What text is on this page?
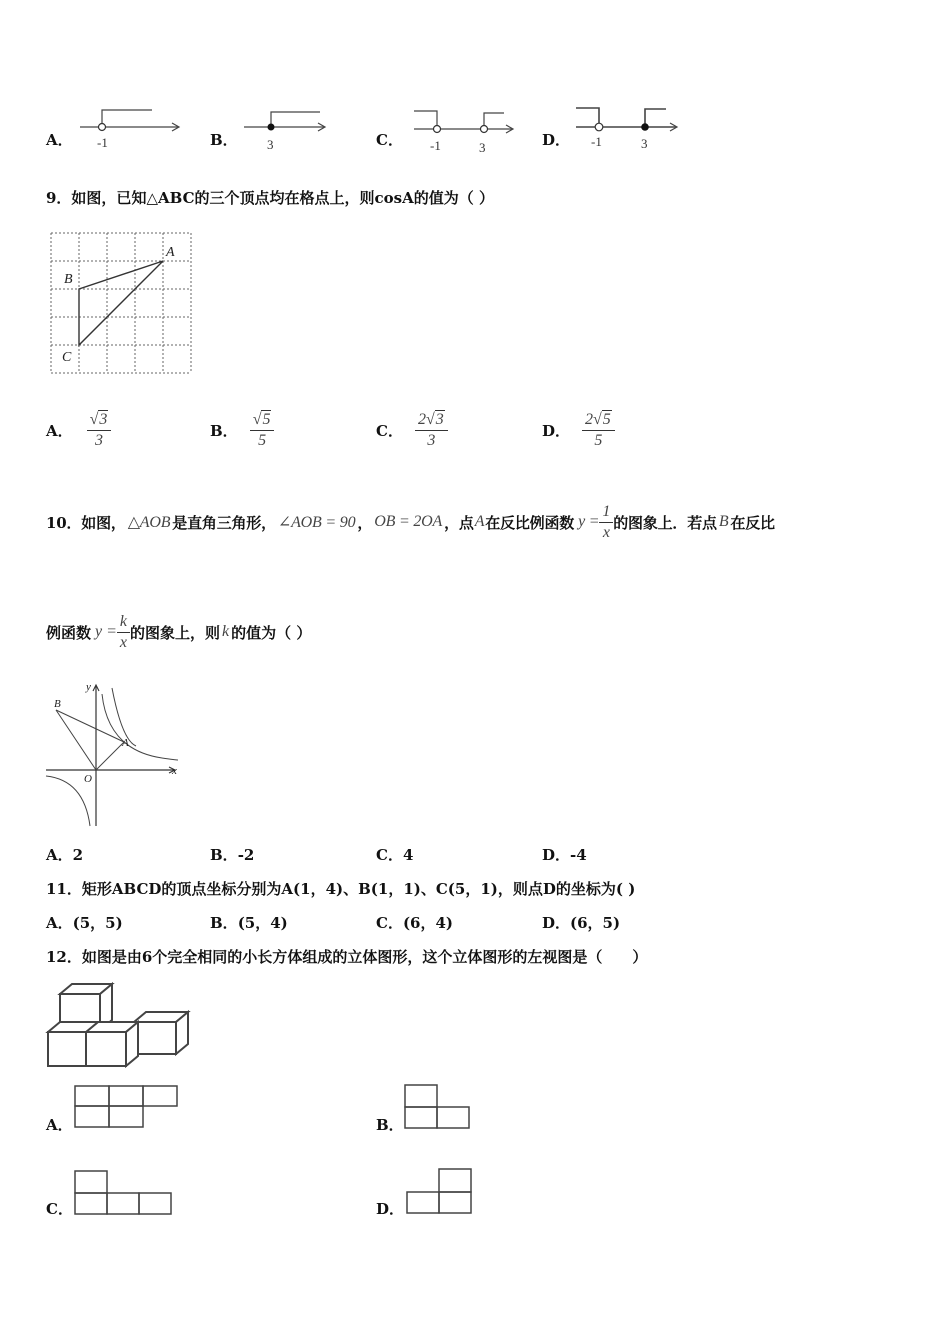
A． -1	B． 3	C． -1	3	D． -1	3
9．如图，已知△ABC的三个顶点均在格点上，则cosA的值为（ ）
A
B
C
A． $\frac{√3}{3}$	B． $\frac{√5}{5}$	C． $\frac{2√3}{3}$	D． $\frac{2√5}{5}$
10．如图， △AOB 是直角三角形， ∠AOB = 90 ， OB = 2OA ，点 A 在反比例函数 $y = \frac{1}{x}$ 的图象上．若点 B 在反比
例函数 $y = \frac{k}{x}$ 的图象上，则 k 的值为（ ）
y
x
O
A
B
A．2	B．-2	C．4	D．-4
11．矩形ABCD的顶点坐标分别为A(1，4)、B(1，1)、C(5，1)，则点D的坐标为( )
A．(5，5)	B．(5，4)	C．(6，4)	D．(6，5)
12．如图是由6个完全相同的小长方体组成的立体图形，这个立体图形的左视图是（　　）
A．	B．
C．	D．
